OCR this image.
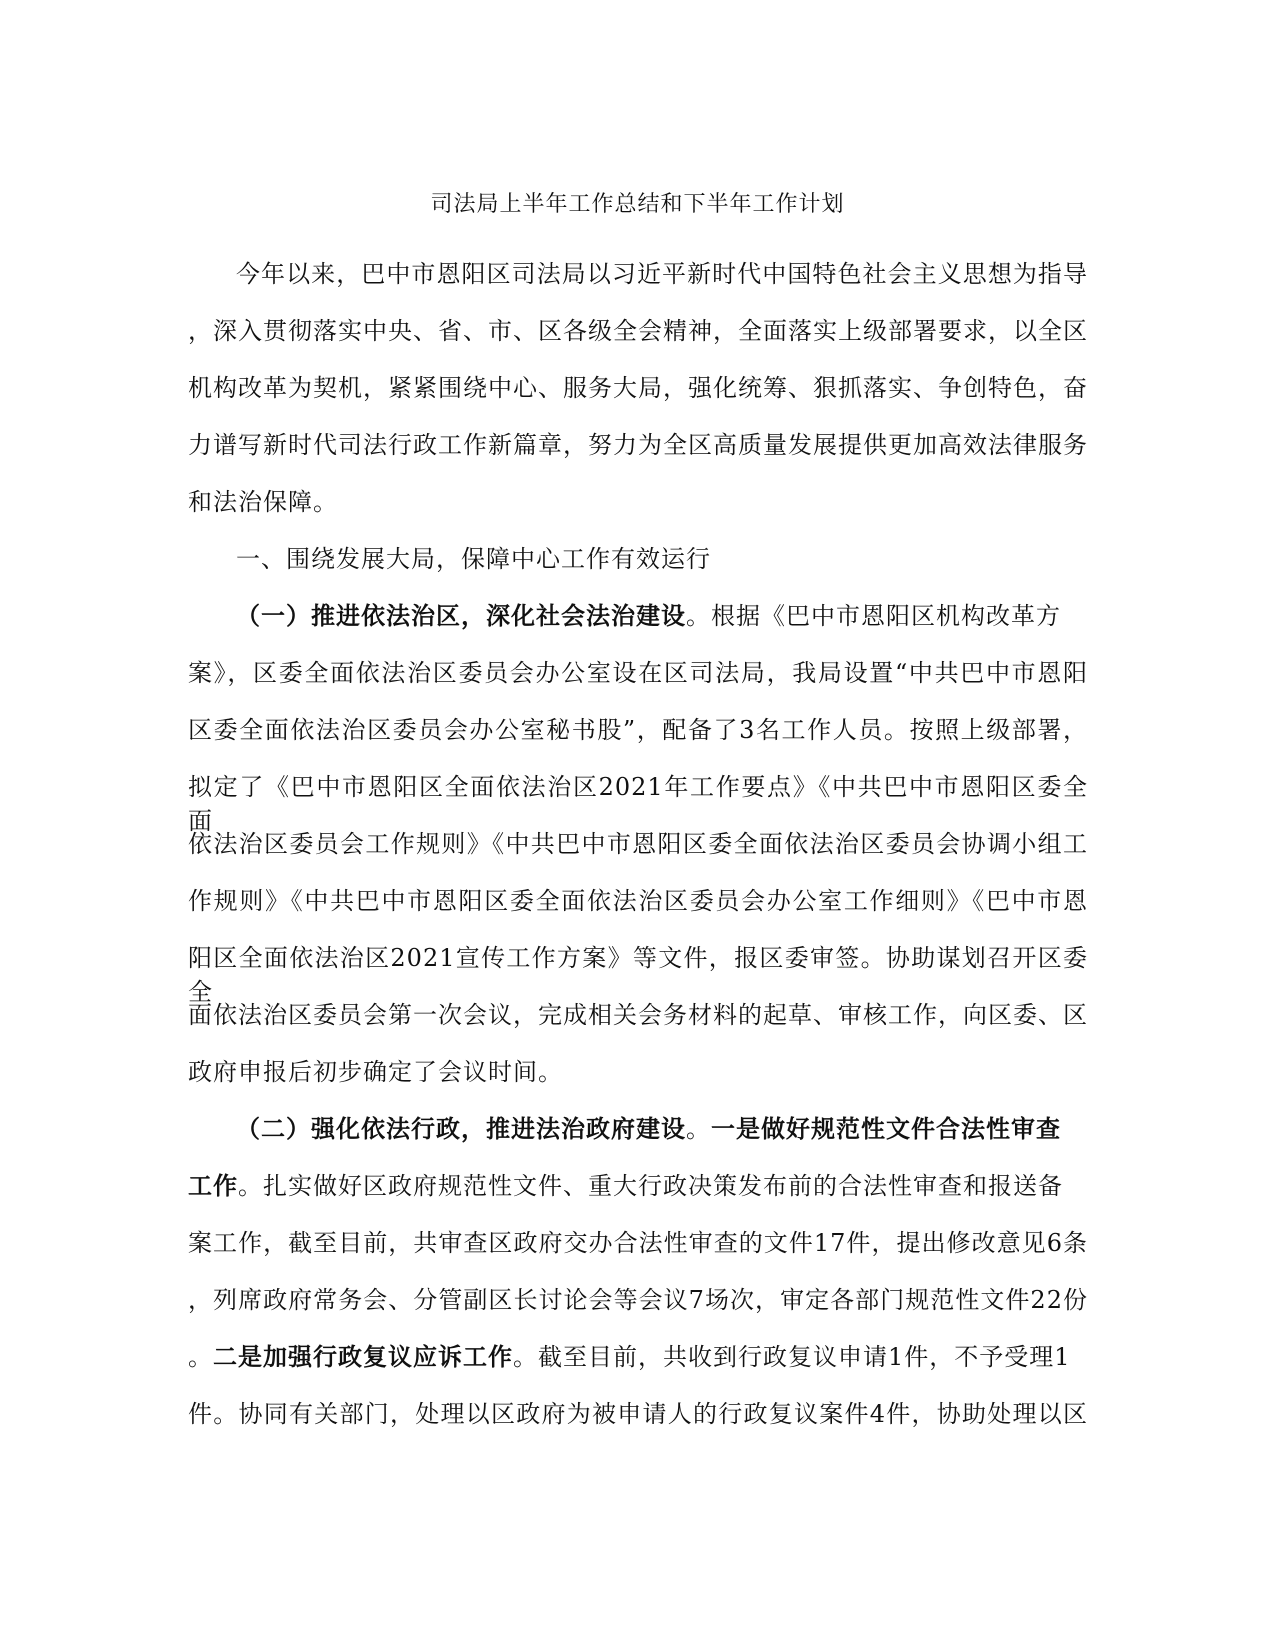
司法局上半年工作总结和下半年工作计划
今年以来，巴中市恩阳区司法局以习近平新时代中国特色社会主义思想为指导
，深入贯彻落实中央、省、市、区各级全会精神，全面落实上级部署要求，以全区
机构改革为契机，紧紧围绕中心、服务大局，强化统筹、狠抓落实、争创特色，奋
力谱写新时代司法行政工作新篇章，努力为全区高质量发展提供更加高效法律服务
和法治保障。
一、围绕发展大局，保障中心工作有效运行
（一）推进依法治区，深化社会法治建设。根据《巴中市恩阳区机构改革方
案》，区委全面依法治区委员会办公室设在区司法局，我局设置“中共巴中市恩阳
区委全面依法治区委员会办公室秘书股”，配备了3名工作人员。按照上级部署，
拟定了《巴中市恩阳区全面依法治区2021年工作要点》《中共巴中市恩阳区委全面
依法治区委员会工作规则》《中共巴中市恩阳区委全面依法治区委员会协调小组工
作规则》《中共巴中市恩阳区委全面依法治区委员会办公室工作细则》《巴中市恩
阳区全面依法治区2021宣传工作方案》等文件，报区委审签。协助谋划召开区委全
面依法治区委员会第一次会议，完成相关会务材料的起草、审核工作，向区委、区
政府申报后初步确定了会议时间。
（二）强化依法行政，推进法治政府建设。一是做好规范性文件合法性审查
工作。扎实做好区政府规范性文件、重大行政决策发布前的合法性审查和报送备
案工作，截至目前，共审查区政府交办合法性审查的文件17件，提出修改意见6条
，列席政府常务会、分管副区长讨论会等会议7场次，审定各部门规范性文件22份
。二是加强行政复议应诉工作。截至目前，共收到行政复议申请1件，不予受理1
件。协同有关部门，处理以区政府为被申请人的行政复议案件4件，协助处理以区
